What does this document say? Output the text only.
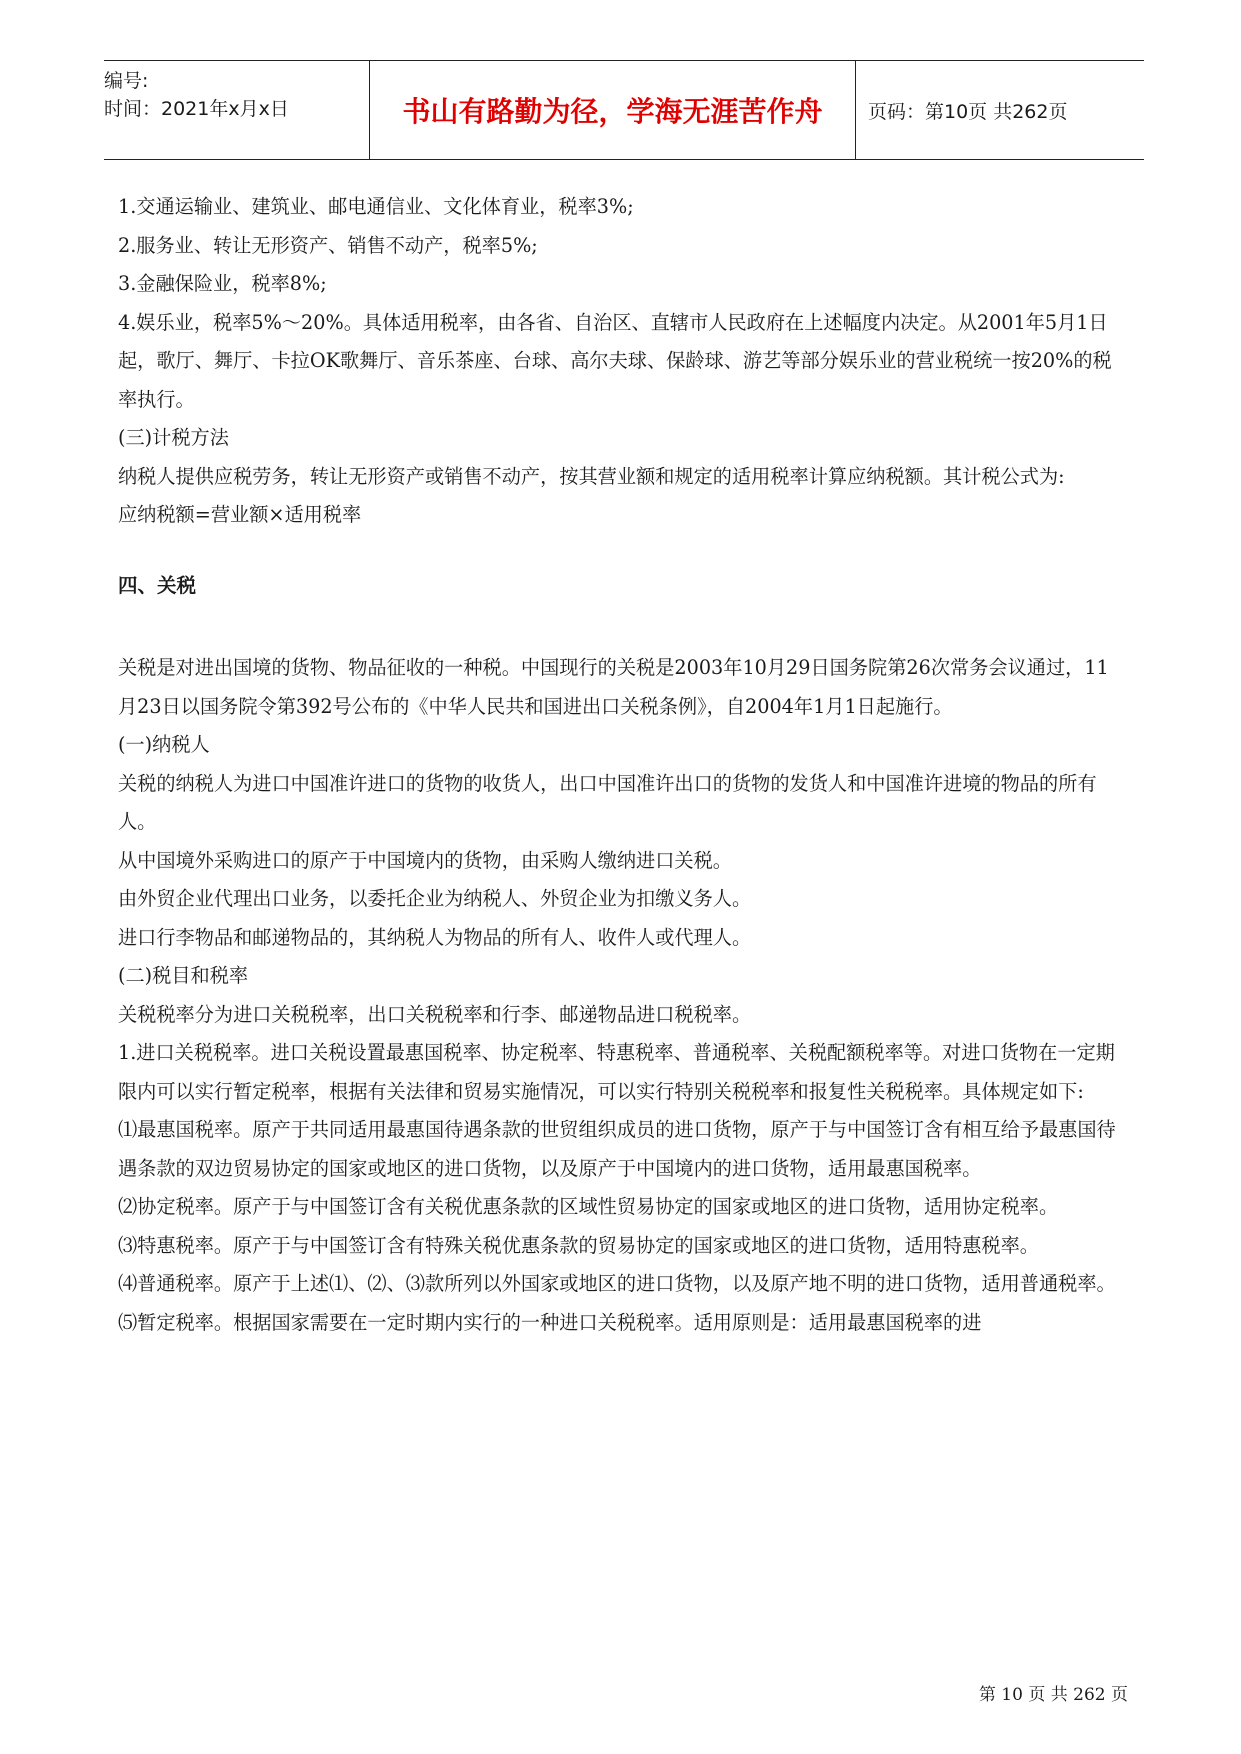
编号:
时间：2021年x月x日	书山有路勤为径，学海无涯苦作舟	页码：第10页 共262页

1.交通运输业、建筑业、邮电通信业、文化体育业，税率3%;

2.服务业、转让无形资产、销售不动产，税率5%;

3.金融保险业，税率8%;

4.娱乐业，税率5%～20%。具体适用税率，由各省、自治区、直辖市人民政府在上述幅度内决定。从2001年5月1日起，歌厅、舞厅、卡拉OK歌舞厅、音乐茶座、台球、高尔夫球、保龄球、游艺等部分娱乐业的营业税统一按20%的税率执行。

(三)计税方法

纳税人提供应税劳务，转让无形资产或销售不动产，按其营业额和规定的适用税率计算应纳税额。其计税公式为:

应纳税额=营业额×适用税率

四、关税

关税是对进出国境的货物、物品征收的一种税。中国现行的关税是2003年10月29日国务院第26次常务会议通过，11月23日以国务院令第392号公布的《中华人民共和国进出口关税条例》，自2004年1月1日起施行。

(一)纳税人

关税的纳税人为进口中国准许进口的货物的收货人，出口中国准许出口的货物的发货人和中国准许进境的物品的所有人。

从中国境外采购进口的原产于中国境内的货物，由采购人缴纳进口关税。

由外贸企业代理出口业务，以委托企业为纳税人、外贸企业为扣缴义务人。

进口行李物品和邮递物品的，其纳税人为物品的所有人、收件人或代理人。

(二)税目和税率

关税税率分为进口关税税率，出口关税税率和行李、邮递物品进口税税率。

1.进口关税税率。进口关税设置最惠国税率、协定税率、特惠税率、普通税率、关税配额税率等。对进口货物在一定期限内可以实行暂定税率，根据有关法律和贸易实施情况，可以实行特别关税税率和报复性关税税率。具体规定如下:

⑴最惠国税率。原产于共同适用最惠国待遇条款的世贸组织成员的进口货物，原产于与中国签订含有相互给予最惠国待遇条款的双边贸易协定的国家或地区的进口货物，以及原产于中国境内的进口货物，适用最惠国税率。

⑵协定税率。原产于与中国签订含有关税优惠条款的区域性贸易协定的国家或地区的进口货物，适用协定税率。

⑶特惠税率。原产于与中国签订含有特殊关税优惠条款的贸易协定的国家或地区的进口货物，适用特惠税率。

⑷普通税率。原产于上述⑴、⑵、⑶款所列以外国家或地区的进口货物，以及原产地不明的进口货物，适用普通税率。

⑸暂定税率。根据国家需要在一定时期内实行的一种进口关税税率。适用原则是：适用最惠国税率的进

第 10 页 共 262 页
